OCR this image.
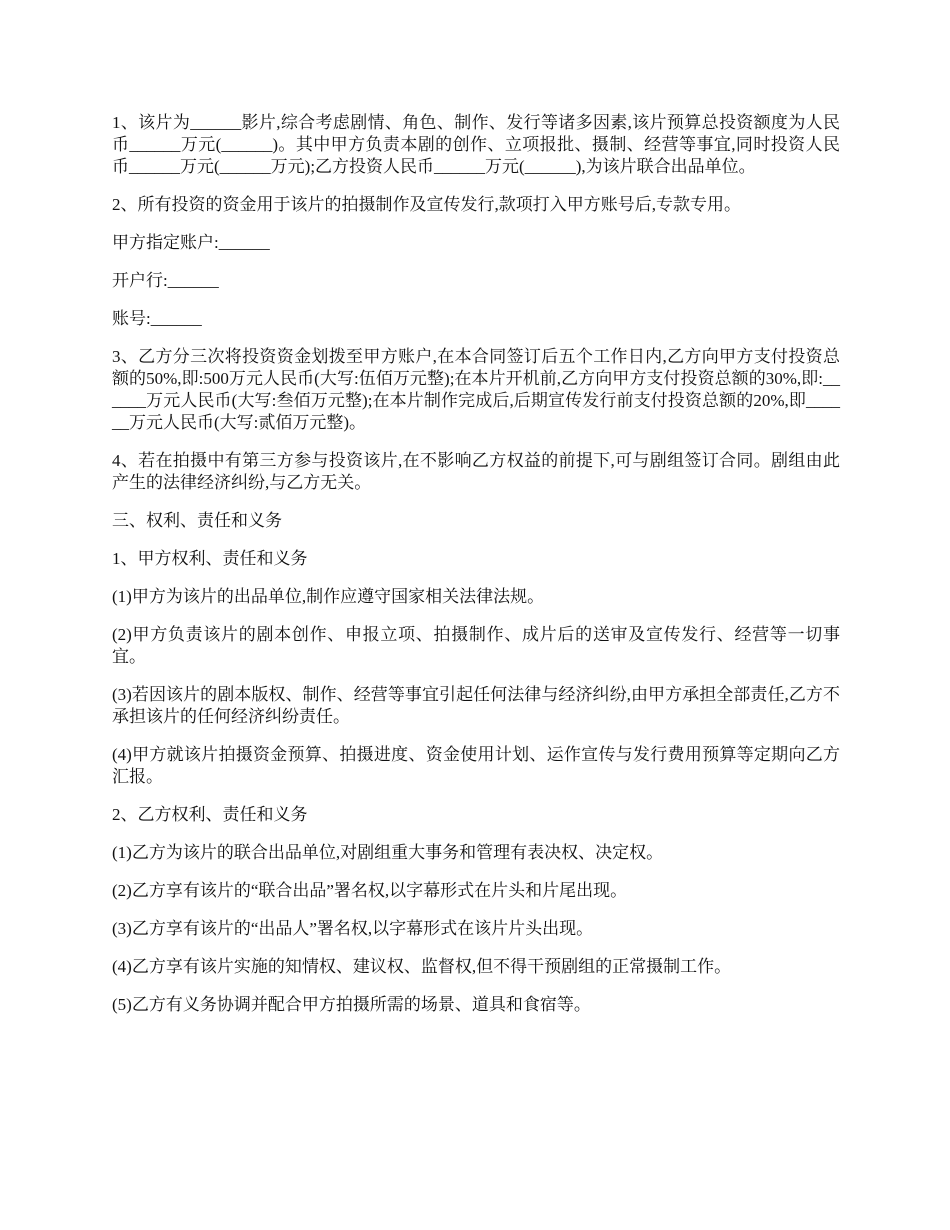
1、该片为______影片,综合考虑剧情、角色、制作、发行等诸多因素,该片预算总投资额度为人民币______万元(______)。其中甲方负责本剧的创作、立项报批、摄制、经营等事宜,同时投资人民币______万元(______万元);乙方投资人民币______万元(______),为该片联合出品单位。

2、所有投资的资金用于该片的拍摄制作及宣传发行,款项打入甲方账号后,专款专用。

甲方指定账户:______

开户行:______

账号:______

3、乙方分三次将投资资金划拨至甲方账户,在本合同签订后五个工作日内,乙方向甲方支付投资总额的50%,即:500万元人民币(大写:伍佰万元整);在本片开机前,乙方向甲方支付投资总额的30%,即:______万元人民币(大写:叁佰万元整);在本片制作完成后,后期宣传发行前支付投资总额的20%,即______万元人民币(大写:贰佰万元整)。

4、若在拍摄中有第三方参与投资该片,在不影响乙方权益的前提下,可与剧组签订合同。剧组由此产生的法律经济纠纷,与乙方无关。

三、权利、责任和义务

1、甲方权利、责任和义务

(1)甲方为该片的出品单位,制作应遵守国家相关法律法规。

(2)甲方负责该片的剧本创作、申报立项、拍摄制作、成片后的送审及宣传发行、经营等一切事宜。

(3)若因该片的剧本版权、制作、经营等事宜引起任何法律与经济纠纷,由甲方承担全部责任,乙方不承担该片的任何经济纠纷责任。

(4)甲方就该片拍摄资金预算、拍摄进度、资金使用计划、运作宣传与发行费用预算等定期向乙方汇报。

2、乙方权利、责任和义务

(1)乙方为该片的联合出品单位,对剧组重大事务和管理有表决权、决定权。

(2)乙方享有该片的“联合出品”署名权,以字幕形式在片头和片尾出现。

(3)乙方享有该片的“出品人”署名权,以字幕形式在该片片头出现。

(4)乙方享有该片实施的知情权、建议权、监督权,但不得干预剧组的正常摄制工作。

(5)乙方有义务协调并配合甲方拍摄所需的场景、道具和食宿等。
